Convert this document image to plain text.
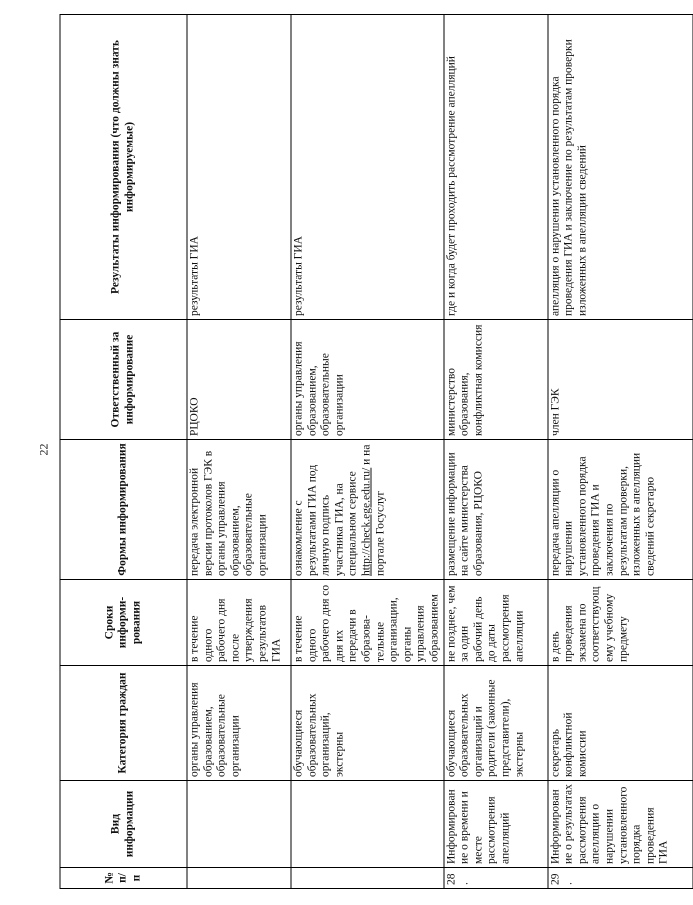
22
№ п/п	Вид информации	Категория граждан	Сроки информи-рования	Формы информирования	Ответственный за информирование	Результаты информирования (что должны знать информируемые)
		органы управления образованием, образовательные организации	в течение одного рабочего дня после утверждения результатов ГИА	передача электронной версии протоколов ГЭК в органы управления образованием, образовательные организации	РЦОКО	результаты ГИА
		обучающиеся образовательных организаций, экстерны	в течение одного рабочего дня со дня их передачи в образова-тельные организации, органы управления образованием	ознакомление с результатами ГИА под личную подпись участника ГИА, на специальном сервисе http://check.ege.edu.ru/ и на портале Госуслуг	органы управления образованием, образовательные организации	результаты ГИА
28.	Информирование о времени и месте рассмотрения апелляций	обучающиеся образовательных организаций и родители (законные представители), экстерны	не позднее, чем за один рабочий день до даты рассмотрения апелляции	размещение информации на сайте министерства образования, РЦОКО	министерство образования, конфликтная комиссия	где и когда будет проходить рассмотрение апелляций
29.	Информирование о результатах рассмотрения апелляции о нарушении установленного порядка проведения ГИА	секретарь конфликтной комиссии	в день проведения экзамена по соответствующ ему учебному предмету	передача апелляции о нарушении установленного порядка проведения ГИА и заключения по результатам проверки, изложенных в апелляции сведений секретарю	член ГЭК	апелляция о нарушении установленного порядка проведения ГИА и заключение по результатам проверки изложенных в апелляции сведений
